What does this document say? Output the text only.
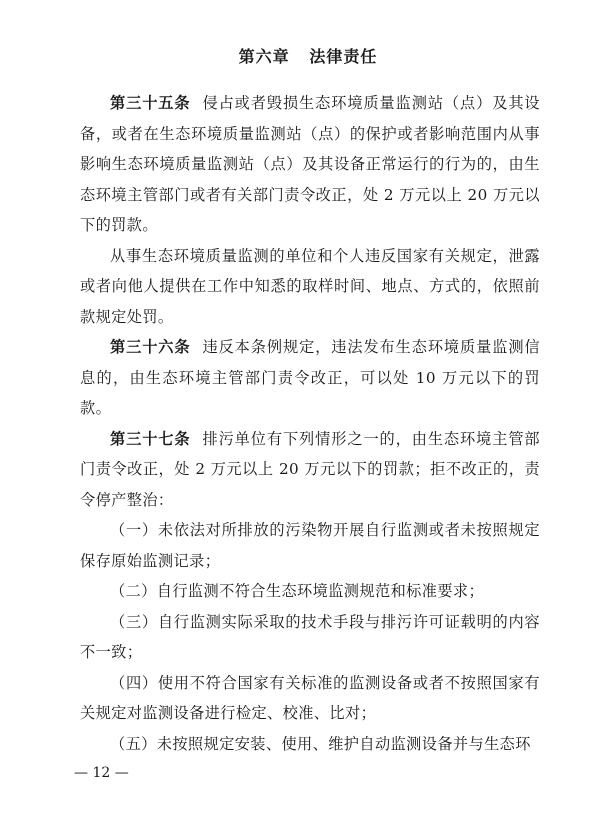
第六章   法律责任

第三十五条 侵占或者毁损生态环境质量监测站（点）及其设备，或者在生态环境质量监测站（点）的保护或者影响范围内从事影响生态环境质量监测站（点）及其设备正常运行的行为的，由生态环境主管部门或者有关部门责令改正，处 2 万元以上 20 万元以下的罚款。

从事生态环境质量监测的单位和个人违反国家有关规定，泄露或者向他人提供在工作中知悉的取样时间、地点、方式的，依照前款规定处罚。

第三十六条 违反本条例规定，违法发布生态环境质量监测信息的，由生态环境主管部门责令改正，可以处 10 万元以下的罚款。

第三十七条 排污单位有下列情形之一的，由生态环境主管部门责令改正，处 2 万元以上 20 万元以下的罚款；拒不改正的，责令停产整治：

（一）未依法对所排放的污染物开展自行监测或者未按照规定保存原始监测记录；

（二）自行监测不符合生态环境监测规范和标准要求；

（三）自行监测实际采取的技术手段与排污许可证载明的内容不一致；

（四）使用不符合国家有关标准的监测设备或者不按照国家有关规定对监测设备进行检定、校准、比对；

（五）未按照规定安装、使用、维护自动监测设备并与生态环

— 12 —
